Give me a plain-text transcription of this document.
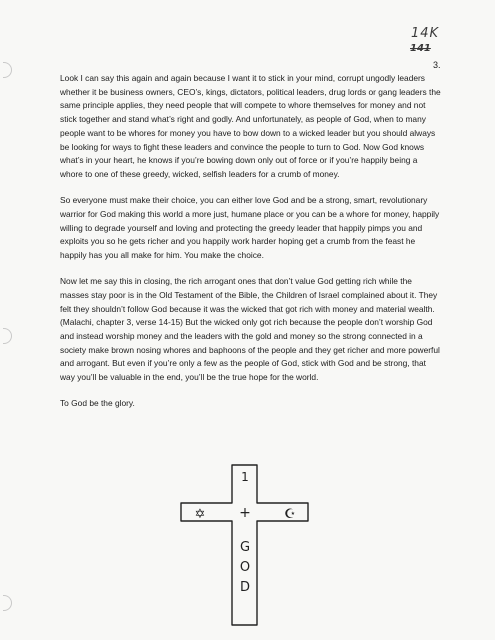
14K
141
3.

Look I can say this again and again because I want it to stick in your mind, corrupt ungodly leaders whether it be business owners, CEO’s, kings, dictators, political leaders, drug lords or gang leaders the same principle applies, they need people that will compete to whore themselves for money and not stick together and stand what’s right and godly. And unfortunately, as people of God, when to many people want to be whores for money you have to bow down to a wicked leader but you should always be looking for ways to fight these leaders and convince the people to turn to God. Now God knows what’s in your heart, he knows if you’re bowing down only out of force or if you’re happily being a whore to one of these greedy, wicked, selfish leaders for a crumb of money.

So everyone must make their choice, you can either love God and be a strong, smart, revolutionary warrior for God making this world a more just, humane place or you can be a whore for money, happily willing to degrade yourself and loving and protecting the greedy leader that happily pimps you and exploits you so he gets richer and you happily work harder hoping get a crumb from the feast he happily has you all make for him. You make the choice.

Now let me say this in closing, the rich arrogant ones that don’t value God getting rich while the masses stay poor is in the Old Testament of the Bible, the Children of Israel complained about it. They felt they shouldn’t follow God because it was the wicked that got rich with money and material wealth. (Malachi, chapter 3, verse 14-15) But the wicked only got rich because the people don’t worship God and instead worship money and the leaders with the gold and money so the strong connected in a society make brown nosing whores and baphoons of the people and they get richer and more powerful and arrogant. But even if you’re only a few as the people of God, stick with God and be strong, that way you’ll be valuable in the end, you’ll be the true hope for the world.

To God be the glory.

1
+
✡	☪
G
O
D
